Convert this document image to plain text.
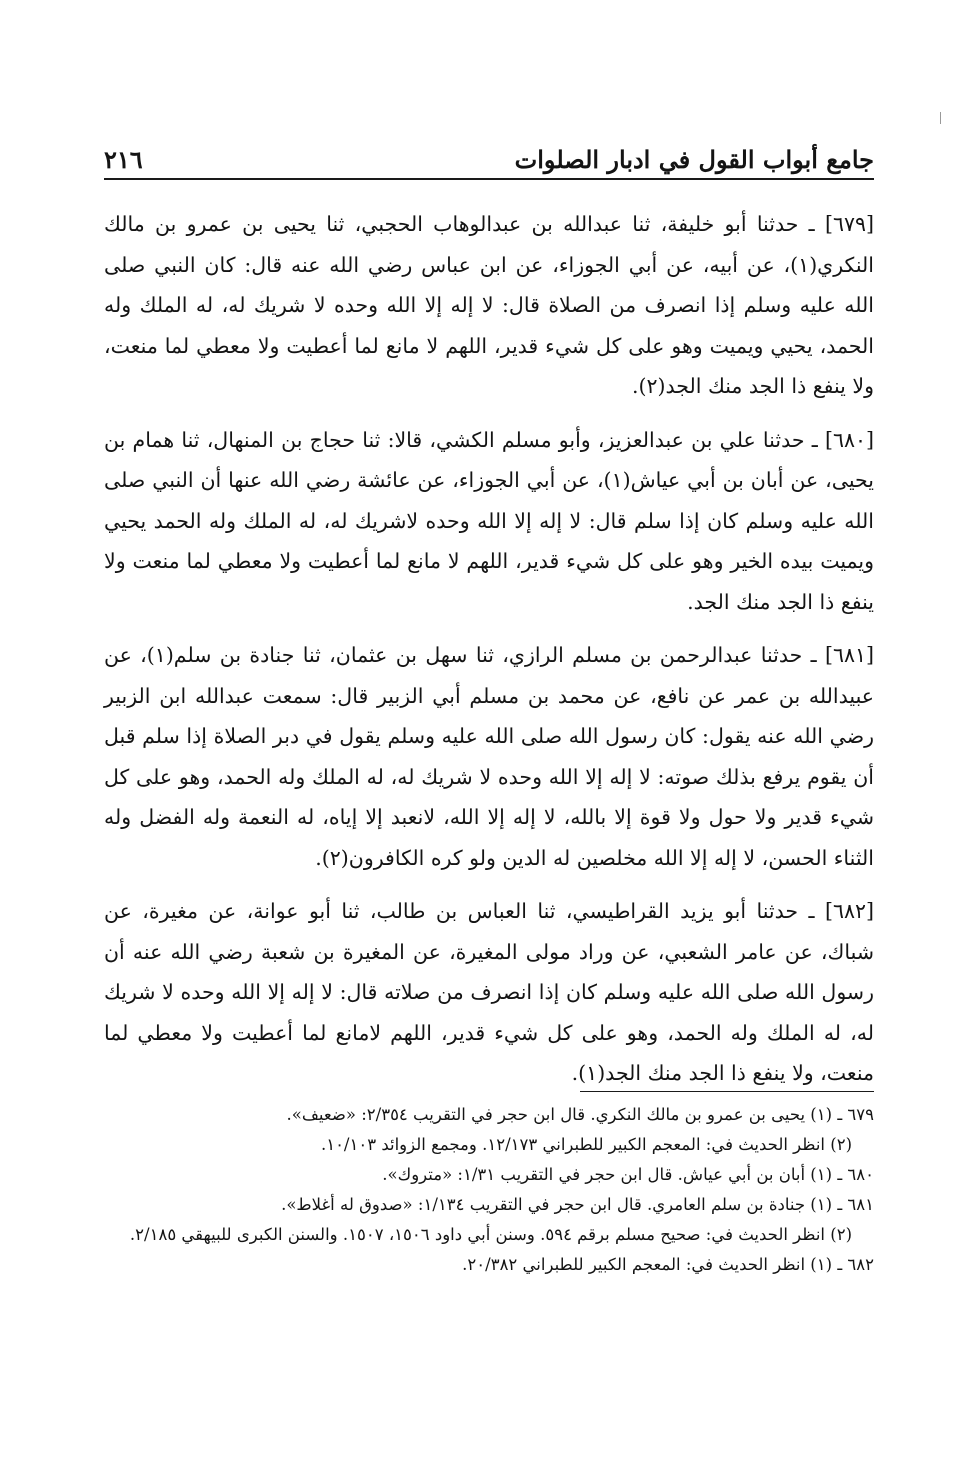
جامع أبواب القول في ادبار الصلوات
٢١٦

[٦٧٩] ـ حدثنا أبو خليفة، ثنا عبدالله بن عبدالوهاب الحجبي، ثنا يحيى بن عمرو بن مالك النكري(١)، عن أبيه، عن أبي الجوزاء، عن ابن عباس رضي الله عنه قال: كان النبي صلى الله عليه وسلم إذا انصرف من الصلاة قال: لا إله إلا الله وحده لا شريك له، له الملك وله الحمد، يحيي ويميت وهو على كل شيء قدير، اللهم لا مانع لما أعطيت ولا معطي لما منعت، ولا ينفع ذا الجد منك الجد(٢).

[٦٨٠] ـ حدثنا علي بن عبدالعزيز، وأبو مسلم الكشي، قالا: ثنا حجاج بن المنهال، ثنا همام بن يحيى، عن أبان بن أبي عياش(١)، عن أبي الجوزاء، عن عائشة رضي الله عنها أن النبي صلى الله عليه وسلم كان إذا سلم قال: لا إله إلا الله وحده لاشريك له، له الملك وله الحمد يحيي ويميت بيده الخير وهو على كل شيء قدير، اللهم لا مانع لما أعطيت ولا معطي لما منعت ولا ينفع ذا الجد منك الجد.

[٦٨١] ـ حدثنا عبدالرحمن بن مسلم الرازي، ثنا سهل بن عثمان، ثنا جنادة بن سلم(١)، عن عبيدالله بن عمر عن نافع، عن محمد بن مسلم أبي الزبير قال: سمعت عبدالله ابن الزبير رضي الله عنه يقول: كان رسول الله صلى الله عليه وسلم يقول في دبر الصلاة إذا سلم قبل أن يقوم يرفع بذلك صوته: لا إله إلا الله وحده لا شريك له، له الملك وله الحمد، وهو على كل شيء قدير ولا حول ولا قوة إلا بالله، لا إله إلا الله، لانعبد إلا إياه، له النعمة وله الفضل وله الثناء الحسن، لا إله إلا الله مخلصين له الدين ولو كره الكافرون(٢).

[٦٨٢] ـ حدثنا أبو يزيد القراطيسي، ثنا العباس بن طالب، ثنا أبو عوانة، عن مغيرة، عن شباك، عن عامر الشعبي، عن وراد مولى المغيرة، عن المغيرة بن شعبة رضي الله عنه أن رسول الله صلى الله عليه وسلم كان إذا انصرف من صلاته قال: لا إله إلا الله وحده لا شريك له، له الملك وله الحمد، وهو على كل شيء قدير، اللهم لامانع لما أعطيت ولا معطي لما منعت، ولا ينفع ذا الجد منك الجد(١).

٦٧٩ ـ (١) يحيى بن عمرو بن مالك النكري. قال ابن حجر في التقريب ٢/٣٥٤: «ضعيف».

(٢) انظر الحديث في: المعجم الكبير للطبراني ١٢/١٧٣. ومجمع الزوائد ١٠/١٠٣.

٦٨٠ ـ (١) أبان بن أبي عياش. قال ابن حجر في التقريب ١/٣١: «متروك».

٦٨١ ـ (١) جنادة بن سلم العامري. قال ابن حجر في التقريب ١/١٣٤: «صدوق له أغلاط».

(٢) انظر الحديث في: صحيح مسلم برقم ٥٩٤. وسنن أبي داود ١٥٠٦، ١٥٠٧. والسنن الكبرى للبيهقي ٢/١٨٥.

٦٨٢ ـ (١) انظر الحديث في: المعجم الكبير للطبراني ٢٠/٣٨٢.
